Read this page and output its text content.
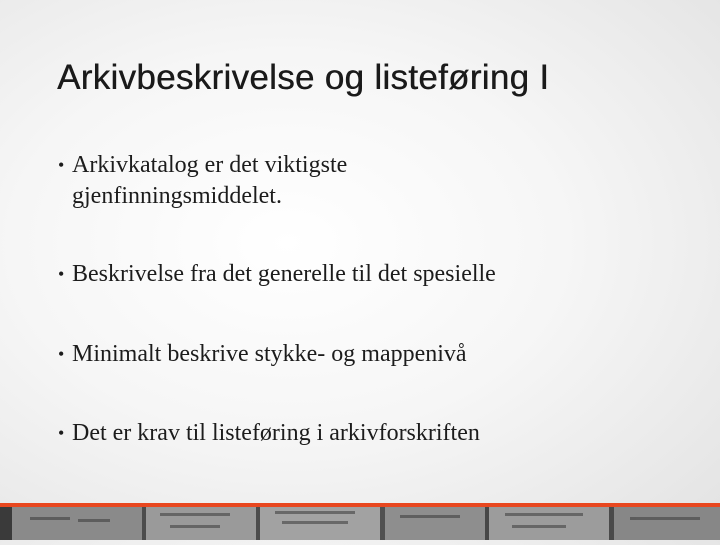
Arkivbeskrivelse og listeføring I
• Arkivkatalog er det viktigste gjenfinningsmiddelet.
• Beskrivelse fra det generelle til det spesielle
• Minimalt beskrive stykke- og mappenivå
• Det er krav til listeføring i arkivforskriften
